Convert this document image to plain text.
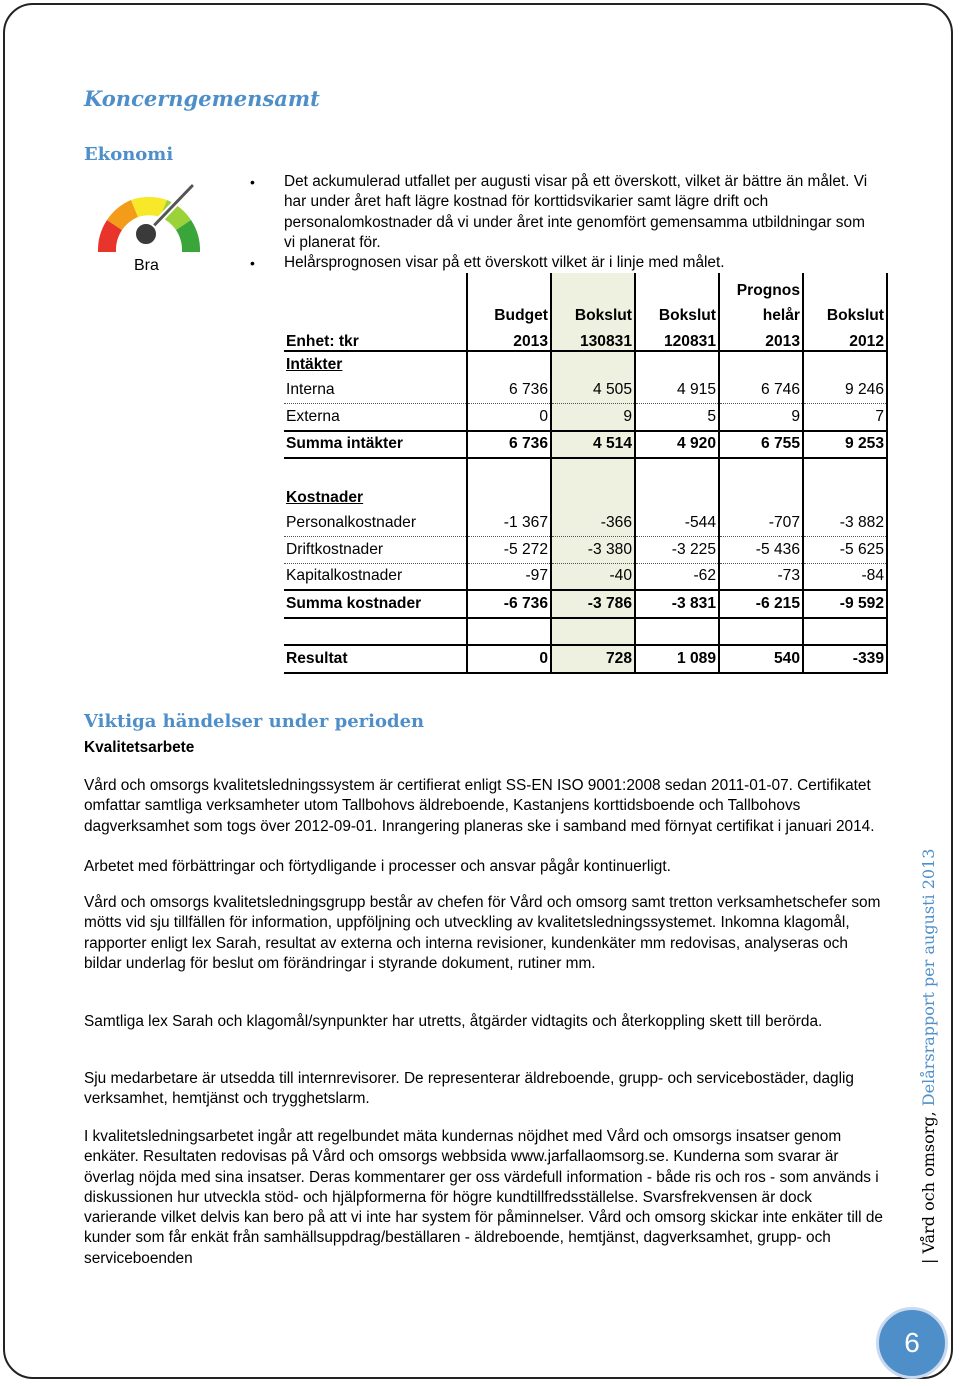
Koncerngemensamt
Ekonomi
Bra
• Det ackumulerad utfallet per augusti visar på ett överskott, vilket är bättre än målet. Vi har under året haft lägre kostnad för korttidsvikarier samt lägre drift och personalomkostnader då vi under året inte genomfört gemensamma utbildningar som vi planerat för.
• Helårsprognosen visar på ett överskott vilket är i linje med målet.
				Prognos	
	Budget	Bokslut	Bokslut	helår	Bokslut
Enhet: tkr	2013	130831	120831	2013	2012
Intäkter					
Interna	6 736	4 505	4 915	6 746	9 246
Externa	0	9	5	9	7
Summa intäkter	6 736	4 514	4 920	6 755	9 253

Kostnader					
Personalkostnader	-1 367	-366	-544	-707	-3 882
Driftkostnader	-5 272	-3 380	-3 225	-5 436	-5 625
Kapitalkostnader	-97	-40	-62	-73	-84
Summa kostnader	-6 736	-3 786	-3 831	-6 215	-9 592

Resultat	0	728	1 089	540	-339
Viktiga händelser under perioden
Kvalitetsarbete

Vård och omsorgs kvalitetsledningssystem är certifierat enligt SS-EN ISO 9001:2008 sedan 2011-01-07. Certifikatet omfattar samtliga verksamheter utom Tallbohovs äldreboende, Kastanjens korttidsboende och Tallbohovs dagverksamhet som togs över 2012-09-01. Inrangering planeras ske i samband med förnyat certifikat i januari 2014.

Arbetet med förbättringar och förtydligande i processer och ansvar pågår kontinuerligt.

Vård och omsorgs kvalitetsledningsgrupp består av chefen för Vård och omsorg samt tretton verksamhetschefer som mötts vid sju tillfällen för information, uppföljning och utveckling av kvalitetsledningssystemet. Inkomna klagomål, rapporter enligt lex Sarah, resultat av externa och interna revisioner, kundenkäter mm redovisas, analyseras och bildar underlag för beslut om förändringar i styrande dokument, rutiner mm.

Samtliga lex Sarah och klagomål/synpunkter har utretts, åtgärder vidtagits och återkoppling skett till berörda.

Sju medarbetare är utsedda till internrevisorer. De representerar äldreboende, grupp- och servicebostäder, daglig verksamhet, hemtjänst och trygghetslarm.

I kvalitetsledningsarbetet ingår att regelbundet mäta kundernas nöjdhet med Vård och omsorgs insatser genom enkäter. Resultaten redovisas på Vård och omsorgs webbsida www.jarfallaomsorg.se. Kunderna som svarar är överlag nöjda med sina insatser. Deras kommentarer ger oss värdefull information - både ris och ros - som används i diskussionen hur utveckla stöd- och hjälpformerna för högre kundtillfredsställelse. Svarsfrekvensen är dock varierande vilket delvis kan bero på att vi inte har system för påminnelser. Vård och omsorg skickar inte enkäter till de kunder som får enkät från samhällsuppdrag/beställaren - äldreboende, hemtjänst, dagverksamhet, grupp- och serviceboenden	| Vård och omsorg, Delårsrapport per augusti 2013
6
